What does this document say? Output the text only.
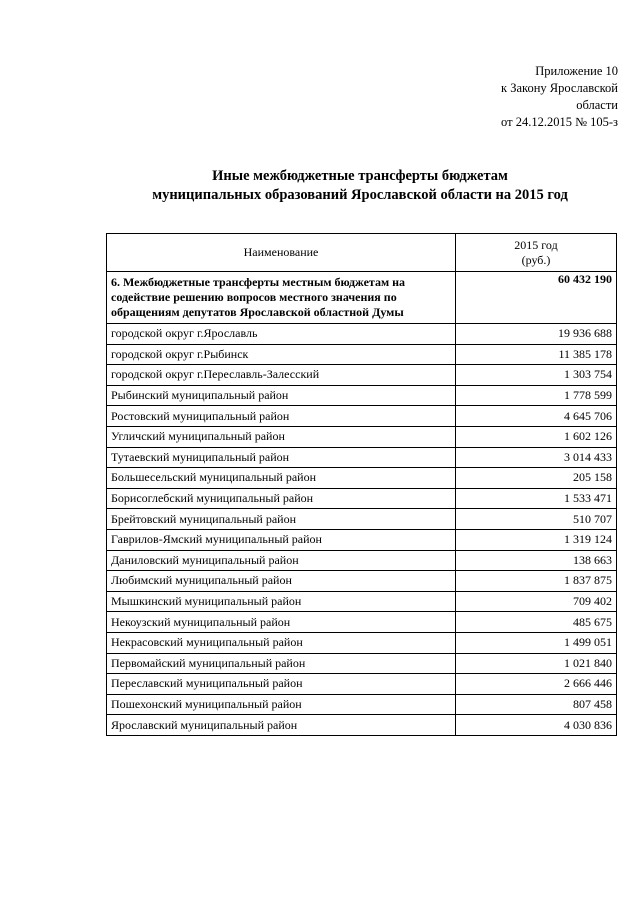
Приложение 10
к Закону Ярославской
области
от 24.12.2015 № 105-з
Иные межбюджетные трансферты бюджетам
муниципальных образований Ярославской области на 2015 год
Наименование	2015 год
(руб.)

6. Межбюджетные трансферты местным бюджетам на содействие решению вопросов местного значения по обращениям депутатов Ярославской областной Думы	60 432 190
городской округ г.Ярославль	19 936 688
городской округ г.Рыбинск	11 385 178
городской округ г.Переславль-Залесский	1 303 754
Рыбинский муниципальный район	1 778 599
Ростовский муниципальный район	4 645 706
Угличский муниципальный район	1 602 126
Тутаевский муниципальный район	3 014 433
Большесельский муниципальный район	205 158
Борисоглебский муниципальный район	1 533 471
Брейтовский муниципальный район	510 707
Гаврилов-Ямский муниципальный район	1 319 124
Даниловский муниципальный район	138 663
Любимский муниципальный район	1 837 875
Мышкинский муниципальный район	709 402
Некоузский муниципальный район	485 675
Некрасовский муниципальный район	1 499 051
Первомайский муниципальный район	1 021 840
Переславский муниципальный район	2 666 446
Пошехонский муниципальный район	807 458
Ярославский муниципальный район	4 030 836
